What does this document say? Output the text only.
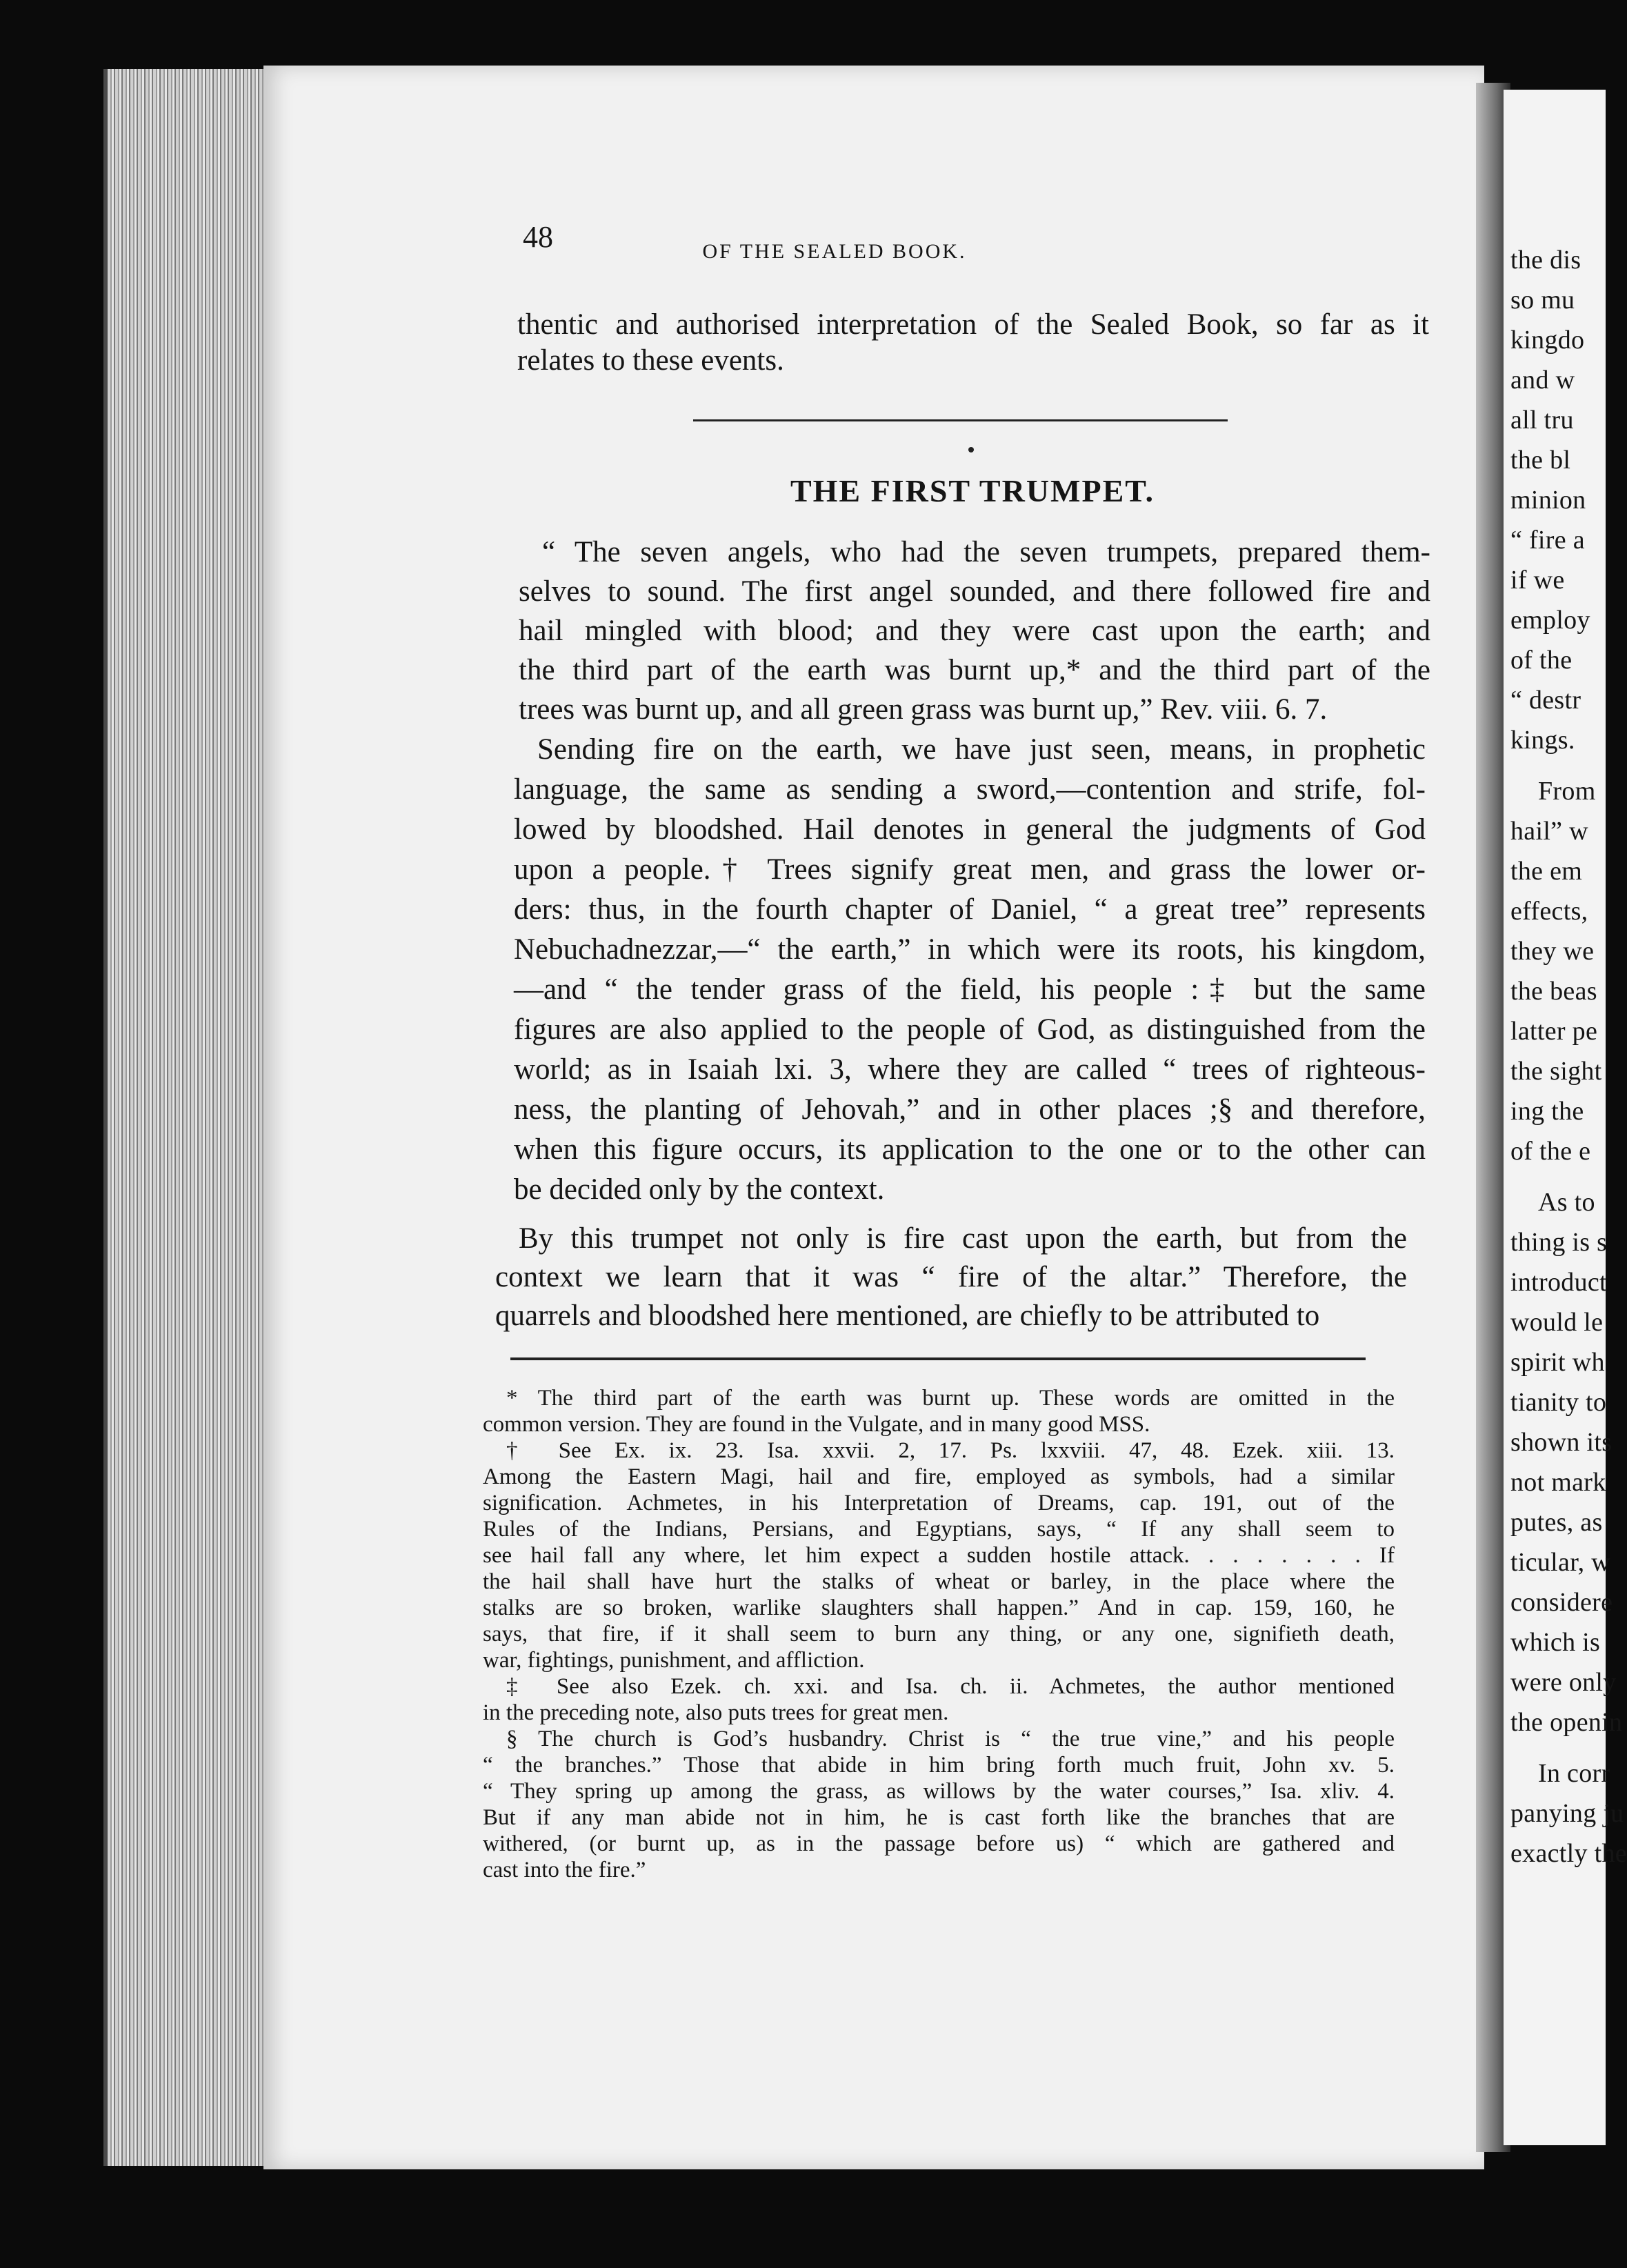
the dis
so mu
kingdo
and w
all tru
the bl
minion
“ fire a
if we
employ
of the
“ destr
kings.
From
hail” w
the em
effects,
they we
the beas
latter pe
the sight
ing the
of the e
As to
thing is s
introduct
would le
spirit wh
tianity to
shown its
not mark
putes, as
ticular, w
considere
which is
were only
the openin
In corr
panying ju
exactly the
48	OF THE SEALED BOOK.
thentic and authorised interpretation of the Sealed Book, so far as it
relates to these events.
THE FIRST TRUMPET.
“ The seven angels, who had the seven trumpets, prepared them-
selves to sound. The first angel sounded, and there followed fire and
hail mingled with blood; and they were cast upon the earth; and
the third part of the earth was burnt up,* and the third part of the
trees was burnt up, and all green grass was burnt up,” Rev. viii. 6. 7.
Sending fire on the earth, we have just seen, means, in prophetic
language, the same as sending a sword,—contention and strife, fol-
lowed by bloodshed. Hail denotes in general the judgments of God
upon a people.† Trees signify great men, and grass the lower or-
ders: thus, in the fourth chapter of Daniel, “ a great tree” represents
Nebuchadnezzar,—“ the earth,” in which were its roots, his kingdom,
—and “ the tender grass of the field, his people :‡ but the same
figures are also applied to the people of God, as distinguished from the
world; as in Isaiah lxi. 3, where they are called “ trees of righteous-
ness, the planting of Jehovah,” and in other places ;§ and therefore,
when this figure occurs, its application to the one or to the other can
be decided only by the context.
By this trumpet not only is fire cast upon the earth, but from the
context we learn that it was “ fire of the altar.” Therefore, the
quarrels and bloodshed here mentioned, are chiefly to be attributed to
* The third part of the earth was burnt up. These words are omitted in the
common version. They are found in the Vulgate, and in many good MSS.
† See Ex. ix. 23. Isa. xxvii. 2, 17. Ps. lxxviii. 47, 48. Ezek. xiii. 13.
Among the Eastern Magi, hail and fire, employed as symbols, had a similar
signification. Achmetes, in his Interpretation of Dreams, cap. 191, out of the
Rules of the Indians, Persians, and Egyptians, says, “ If any shall seem to
see hail fall any where, let him expect a sudden hostile attack. . . . . . . . If
the hail shall have hurt the stalks of wheat or barley, in the place where the
stalks are so broken, warlike slaughters shall happen.” And in cap. 159, 160, he
says, that fire, if it shall seem to burn any thing, or any one, signifieth death,
war, fightings, punishment, and affliction.
‡ See also Ezek. ch. xxi. and Isa. ch. ii. Achmetes, the author mentioned
in the preceding note, also puts trees for great men.
§ The church is God’s husbandry. Christ is “ the true vine,” and his people
“ the branches.” Those that abide in him bring forth much fruit, John xv. 5.
“ They spring up among the grass, as willows by the water courses,” Isa. xliv. 4.
But if any man abide not in him, he is cast forth like the branches that are
withered, (or burnt up, as in the passage before us) “ which are gathered and
cast into the fire.”
